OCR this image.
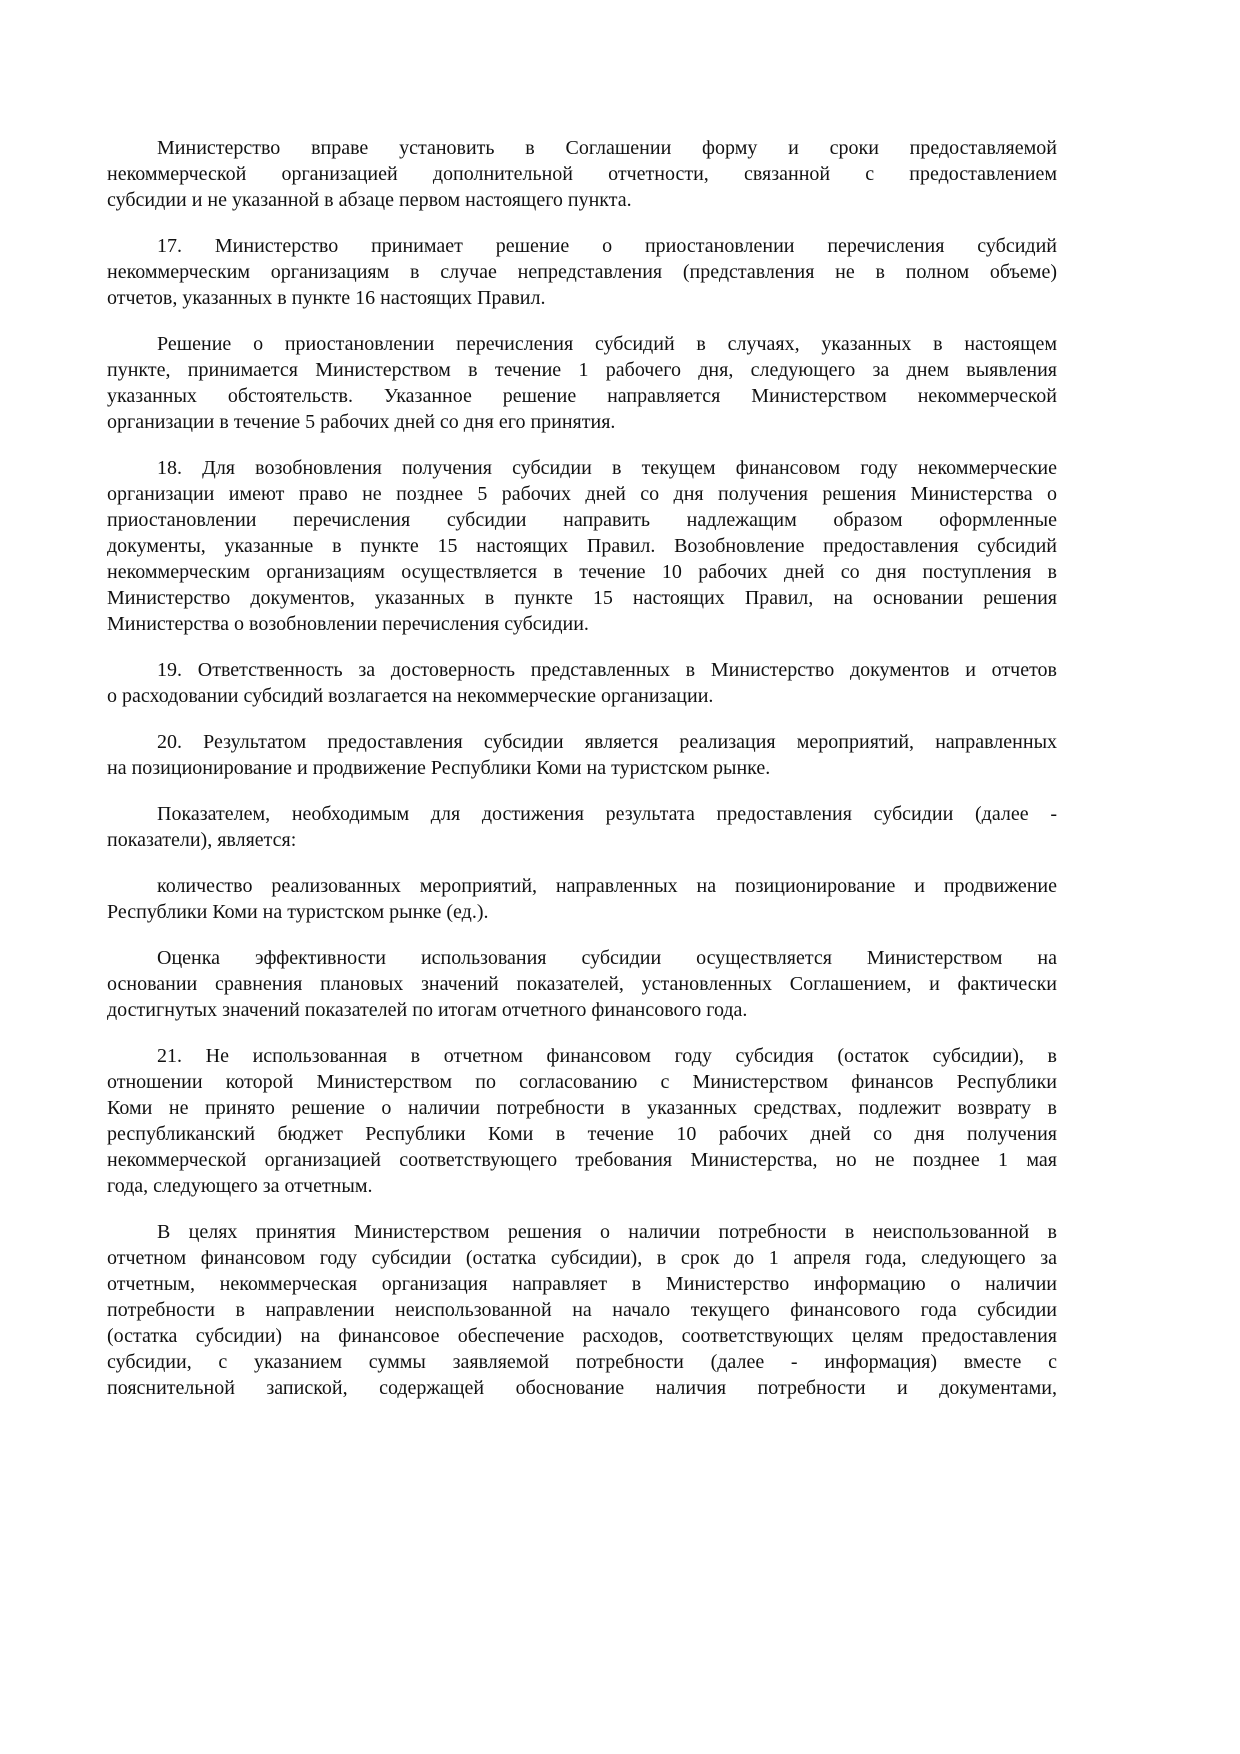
Министерство вправе установить в Соглашении форму и сроки предоставляемой
некоммерческой организацией дополнительной отчетности, связанной с предоставлением
субсидии и не указанной в абзаце первом настоящего пункта.
17. Министерство принимает решение о приостановлении перечисления субсидий
некоммерческим организациям в случае непредставления (представления не в полном объеме)
отчетов, указанных в пункте 16 настоящих Правил.
Решение о приостановлении перечисления субсидий в случаях, указанных в настоящем
пункте, принимается Министерством в течение 1 рабочего дня, следующего за днем выявления
указанных обстоятельств. Указанное решение направляется Министерством некоммерческой
организации в течение 5 рабочих дней со дня его принятия.
18. Для возобновления получения субсидии в текущем финансовом году некоммерческие
организации имеют право не позднее 5 рабочих дней со дня получения решения Министерства о
приостановлении перечисления субсидии направить надлежащим образом оформленные
документы, указанные в пункте 15 настоящих Правил. Возобновление предоставления субсидий
некоммерческим организациям осуществляется в течение 10 рабочих дней со дня поступления в
Министерство документов, указанных в пункте 15 настоящих Правил, на основании решения
Министерства о возобновлении перечисления субсидии.
19. Ответственность за достоверность представленных в Министерство документов и отчетов
о расходовании субсидий возлагается на некоммерческие организации.
20. Результатом предоставления субсидии является реализация мероприятий, направленных
на позиционирование и продвижение Республики Коми на туристском рынке.
Показателем, необходимым для достижения результата предоставления субсидии (далее -
показатели), является:
количество реализованных мероприятий, направленных на позиционирование и продвижение
Республики Коми на туристском рынке (ед.).
Оценка эффективности использования субсидии осуществляется Министерством на
основании сравнения плановых значений показателей, установленных Соглашением, и фактически
достигнутых значений показателей по итогам отчетного финансового года.
21. Не использованная в отчетном финансовом году субсидия (остаток субсидии), в
отношении которой Министерством по согласованию с Министерством финансов Республики
Коми не принято решение о наличии потребности в указанных средствах, подлежит возврату в
республиканский бюджет Республики Коми в течение 10 рабочих дней со дня получения
некоммерческой организацией соответствующего требования Министерства, но не позднее 1 мая
года, следующего за отчетным.
В целях принятия Министерством решения о наличии потребности в неиспользованной в
отчетном финансовом году субсидии (остатка субсидии), в срок до 1 апреля года, следующего за
отчетным, некоммерческая организация направляет в Министерство информацию о наличии
потребности в направлении неиспользованной на начало текущего финансового года субсидии
(остатка субсидии) на финансовое обеспечение расходов, соответствующих целям предоставления
субсидии, с указанием суммы заявляемой потребности (далее - информация) вместе с
пояснительной запиской, содержащей обоснование наличия потребности и документами,
